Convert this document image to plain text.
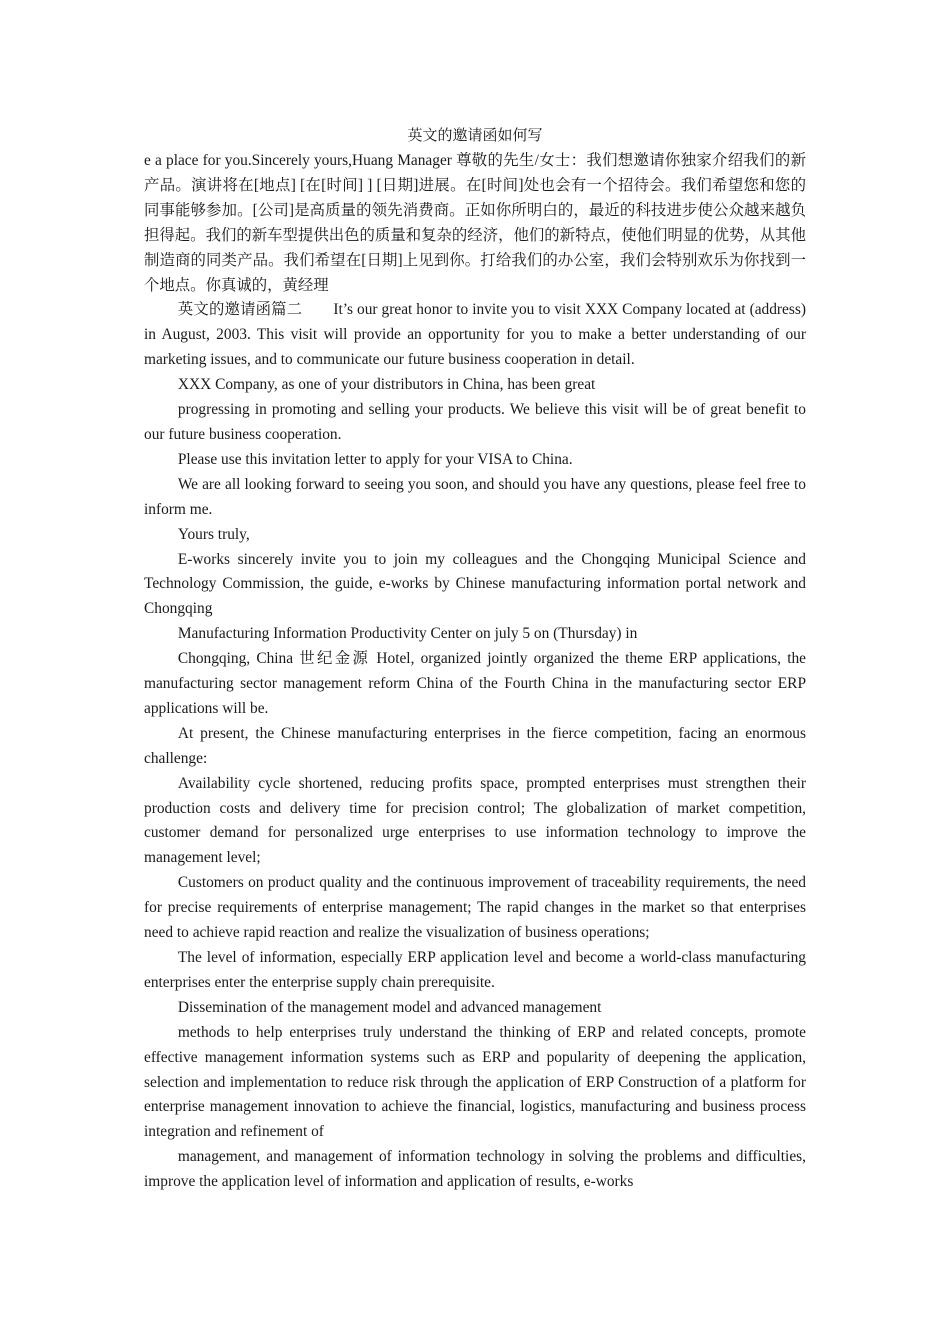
英文的邀请函如何写

e a place for you.Sincerely yours,Huang Manager 尊敬的先生/女士：我们想邀请你独家介绍我们的新产品。演讲将在[地点] [在[时间] ] [日期]进展。在[时间]处也会有一个招待会。我们希望您和您的同事能够参加。[公司]是高质量的领先消费商。正如你所明白的，最近的科技进步使公众越来越负担得起。我们的新车型提供出色的质量和复杂的经济，他们的新特点，使他们明显的优势，从其他制造商的同类产品。我们希望在[日期]上见到你。打给我们的办公室，我们会特别欢乐为你找到一个地点。你真诚的，黄经理

英文的邀请函篇二　　It’s our great honor to invite you to visit XXX Company located at (address) in August, 2003. This visit will provide an opportunity for you to make a better understanding of our marketing issues, and to communicate our future business cooperation in detail.

XXX Company, as one of your distributors in China, has been great

progressing in promoting and selling your products. We believe this visit will be of great benefit to our future business cooperation.

Please use this invitation letter to apply for your VISA to China.

We are all looking forward to seeing you soon, and should you have any questions, please feel free to inform me.

Yours truly,

E-works sincerely invite you to join my colleagues and the Chongqing Municipal Science and Technology Commission, the guide, e-works by Chinese manufacturing information portal network and Chongqing

Manufacturing Information Productivity Center on july 5 on (Thursday) in

Chongqing, China 世纪金源 Hotel, organized jointly organized the theme ERP applications, the manufacturing sector management reform China of the Fourth China in the manufacturing sector ERP applications will be.

At present, the Chinese manufacturing enterprises in the fierce competition, facing an enormous challenge:

Availability cycle shortened, reducing profits space, prompted enterprises must strengthen their production costs and delivery time for precision control; The globalization of market competition, customer demand for personalized urge enterprises to use information technology to improve the management level;

Customers on product quality and the continuous improvement of traceability requirements, the need for precise requirements of enterprise management; The rapid changes in the market so that enterprises need to achieve rapid reaction and realize the visualization of business operations;

The level of information, especially ERP application level and become a world-class manufacturing enterprises enter the enterprise supply chain prerequisite.

Dissemination of the management model and advanced management

methods to help enterprises truly understand the thinking of ERP and related concepts, promote effective management information systems such as ERP and popularity of deepening the application, selection and implementation to reduce risk through the application of ERP Construction of a platform for enterprise management innovation to achieve the financial, logistics, manufacturing and business process integration and refinement of

management, and management of information technology in solving the problems and difficulties, improve the application level of information and application of results, e-works
